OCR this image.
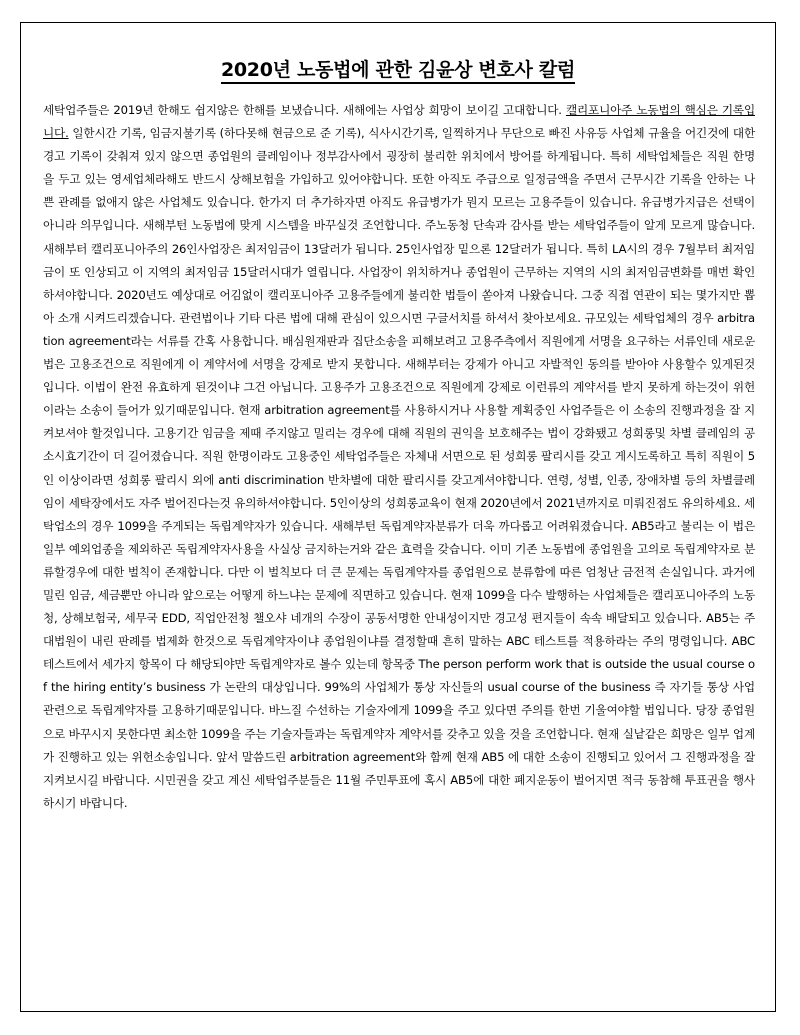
2020년 노동법에 관한 김윤상 변호사 칼럼
세탁업주들은 2019년 한해도 쉽지않은 한해를 보냈습니다. 새해에는 사업상 희망이 보이길 고대합니다. 캘리포니아주 노동법의 핵심은 기록입니다. 일한시간 기록, 임금지불기록 (하다못해 현금으로 준 기록), 식사시간기록, 일찍하거나 무단으로 빠진 사유등 사업체 규율을 어긴것에 대한 경고 기록이 갖춰져 있지 않으면 종업원의 클레임이나 정부감사에서 굉장히 불리한 위치에서 방어를 하게됩니다. 특히 세탁업체들은 직원 한명을 두고 있는 영세업체라해도 반드시 상해보험을 가입하고 있어야합니다. 또한 아직도 주급으로 일정금액을 주면서 근무시간 기록을 안하는 나쁜 관례를 없애지 않은 사업체도 있습니다. 한가지 더 추가하자면 아직도 유급병가가 뭔지 모르는 고용주들이 있습니다. 유급병가지급은 선택이 아니라 의무입니다. 새해부턴 노동법에 맞게 시스템을 바꾸실것 조언합니다. 주노동청 단속과 감사를 받는 세탁업주들이 알게 모르게 많습니다. 새해부터 캘리포니아주의 26인사업장은 최저임금이 13달러가 됩니다. 25인사업장 밑으론 12달러가 됩니다. 특히 LA시의 경우 7월부터 최저임금이 또 인상되고 이 지역의 최저임금 15달러시대가 열립니다. 사업장이 위치하거나 종업원이 근무하는 지역의 시의 최저임금변화를 매번 확인하셔야합니다. 2020년도 예상대로 어김없이 캘리포니아주 고용주들에게 불리한 법들이 쏟아져 나왔습니다. 그중 직접 연관이 되는 몇가지만 뽑아 소개 시켜드리겠습니다. 관련법이나 기타 다른 법에 대해 관심이 있으시면 구글서치를 하셔서 찾아보세요. 규모있는 세탁업체의 경우 arbitration agreement라는 서류를 간혹 사용합니다. 배심원재판과 집단소송을 피해보려고 고용주측에서 직원에게 서명을 요구하는 서류인데 새로운법은 고용조건으로 직원에게 이 계약서에 서명을 강제로 받지 못합니다. 새해부터는 강제가 아니고 자발적인 동의를 받아야 사용할수 있게된것입니다. 이법이 완전 유효하게 된것이냐 그건 아닙니다. 고용주가 고용조건으로 직원에게 강제로 이런류의 계약서를 받지 못하게 하는것이 위헌이라는 소송이 들어가 있기때문입니다. 현재 arbitration agreement를 사용하시거나 사용할 계획중인 사업주들은 이 소송의 진행과정을 잘 지켜보셔야 할것입니다. 고용기간 임금을 제때 주지않고 밀리는 경우에 대해 직원의 권익을 보호해주는 법이 강화됐고 성희롱및 차별 클레임의 공소시효기간이 더 길어졌습니다. 직원 한명이라도 고용중인 세탁업주들은 자체내 서면으로 된 성희롱 팔리시를 갖고 게시도록하고 특히 직원이 5인 이상이라면 성희롱 팔리시 외에 anti discrimination 반차별에 대한 팔리시를 갖고계셔야합니다. 연령, 성별, 인종, 장애차별 등의 차별클레임이 세탁장에서도 자주 벌어진다는것 유의하셔야합니다. 5인이상의 성희롱교육이 현재 2020년에서 2021년까지로 미뤄진점도 유의하세요. 세탁업소의 경우 1099을 주게되는 독립계약자가 있습니다. 새해부턴 독립계약자분류가 더욱 까다롭고 어려워졌습니다. AB5라고 불리는 이 법은 일부 예외업종을 제외하곤 독립계약자사용을 사실상 금지하는거와 같은 효력을 갖습니다. 이미 기존 노동법에 종업원을 고의로 독립계약자로 분류할경우에 대한 벌칙이 존재합니다. 다만 이 벌칙보다 더 큰 문제는 독립계약자를 종업원으로 분류함에 따른 엄청난 금전적 손실입니다. 과거에 밀린 임금, 세금뿐만 아니라 앞으로는 어떻게 하느냐는 문제에 직면하고 있습니다. 현재 1099을 다수 발행하는 사업체들은 캘리포니아주의 노동청, 상해보험국, 세무국 EDD, 직업안전청 챌오샤 네개의 수장이 공동서명한 안내성이지만 경고성 편지들이 속속 배달되고 있습니다. AB5는 주대법원이 내린 판례를 법제화 한것으로 독립계약자이냐 종업원이냐를 결정할때 흔히 말하는 ABC 테스트를 적용하라는 주의 명령입니다. ABC 테스트에서 세가지 항목이 다 해당되야만 독립계약자로 볼수 있는데 항목중 The person perform work that is outside the usual course of the hiring entity’s business 가 논란의 대상입니다. 99%의 사업체가 통상 자신들의 usual course of the business 즉 자기들 통상 사업관련으로 독립계약자를 고용하기때문입니다. 바느질 수선하는 기술자에게 1099을 주고 있다면 주의를 한번 기울여야할 법입니다. 당장 종업원으로 바꾸시지 못한다면 최소한 1099을 주는 기술자들과는 독립계약자 계약서를 갖추고 있을 것을 조언합니다. 현재 실낱같은 희망은 일부 업계가 진행하고 있는 위헌소송입니다. 앞서 말씀드린 arbitration agreement와 함께 현재 AB5 에 대한 소송이 진행되고 있어서 그 진행과정을 잘 지켜보시길 바랍니다. 시민권을 갖고 계신 세탁업주분들은 11월 주민투표에 혹시 AB5에 대한 폐지운동이 벌어지면 적극 동참해 투표권을 행사하시기 바랍니다.
